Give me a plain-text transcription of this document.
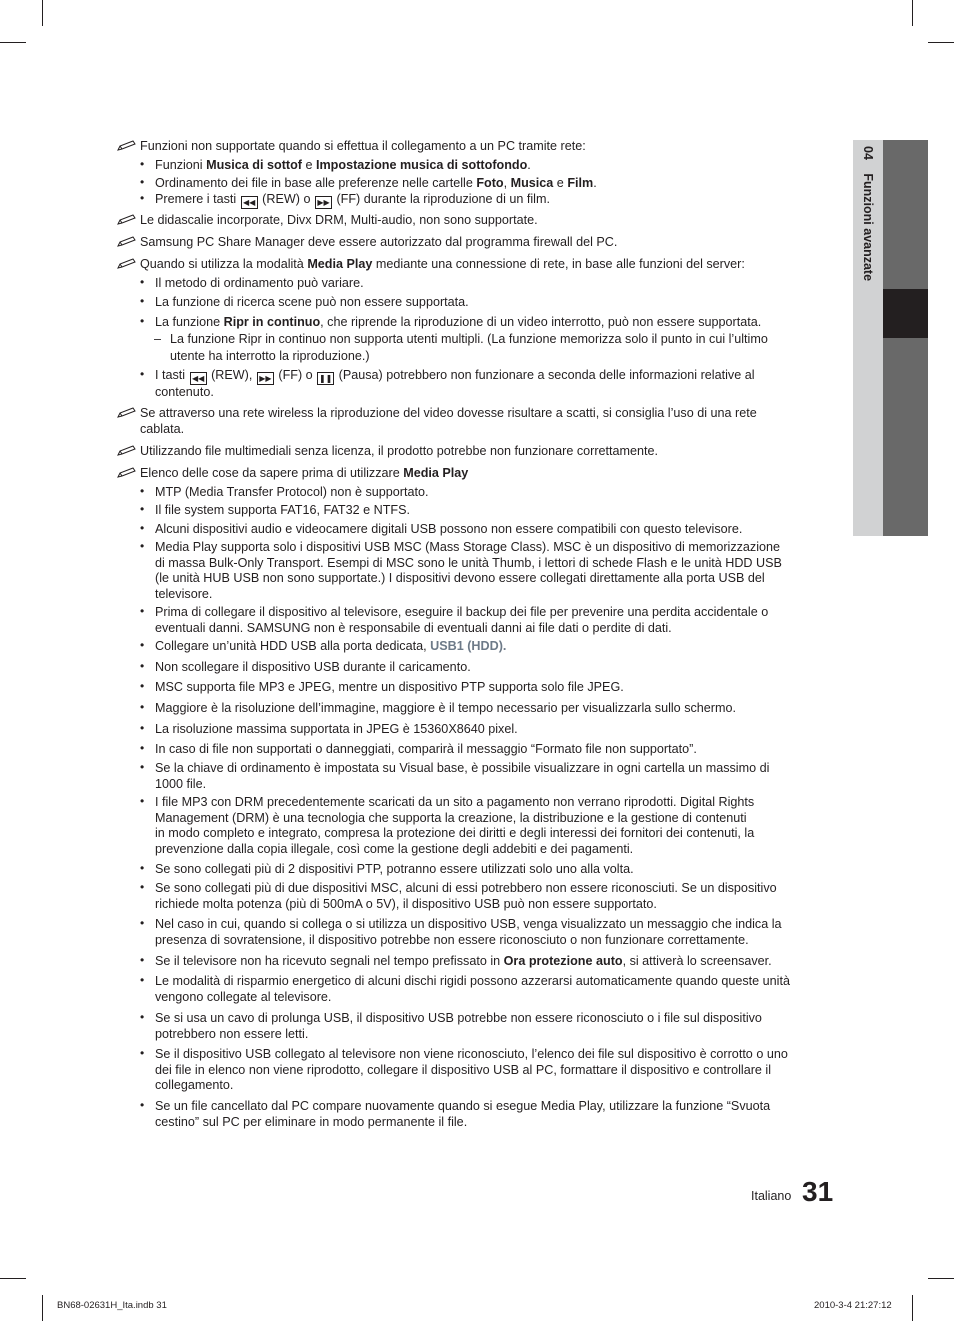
04 Funzioni avanzate
Funzioni non supportate quando si effettua il collegamento a un PC tramite rete:
Le didascalie incorporate, Divx DRM, Multi-audio, non sono supportate.
Samsung PC Share Manager deve essere autorizzato dal programma firewall del PC.
Quando si utilizza la modalità Media Play mediante una connessione di rete, in base alle funzioni del server:
Se attraverso una rete wireless la riproduzione del video dovesse risultare a scatti, si consiglia l’uso di una rete
cablata.
Utilizzando file multimediali senza licenza, il prodotto potrebbe non funzionare correttamente.
Elenco delle cose da sapere prima di utilizzare Media Play
• Funzioni Musica di sottof e Impostazione musica di sottofondo.
• Ordinamento dei file in base alle preferenze nelle cartelle Foto, Musica e Film.
• Premere i tasti ◀◀ (REW) o ▶▶ (FF) durante la riproduzione di un film.
• Il metodo di ordinamento può variare.
• La funzione di ricerca scene può non essere supportata.
• La funzione Ripr in continuo, che riprende la riproduzione di un video interrotto, può non essere supportata.
– La funzione Ripr in continuo non supporta utenti multipli. (La funzione memorizza solo il punto in cui l’ultimo
utente ha interrotto la riproduzione.)
• I tasti ◀◀ (REW), ▶▶ (FF) o ❚❚ (Pausa) potrebbero non funzionare a seconda delle informazioni relative al
contenuto.
• MTP (Media Transfer Protocol) non è supportato.
• Il file system supporta FAT16, FAT32 e NTFS.
• Alcuni dispositivi audio e videocamere digitali USB possono non essere compatibili con questo televisore.
• Media Play supporta solo i dispositivi USB MSC (Mass Storage Class). MSC è un dispositivo di memorizzazione
di massa Bulk-Only Transport. Esempi di MSC sono le unità Thumb, i lettori di schede Flash e le unità HDD USB
(le unità HUB USB non sono supportate.) I dispositivi devono essere collegati direttamente alla porta USB del
televisore.
• Prima di collegare il dispositivo al televisore, eseguire il backup dei file per prevenire una perdita accidentale o
eventuali danni. SAMSUNG non è responsabile di eventuali danni ai file dati o perdite di dati.
• Collegare un’unità HDD USB alla porta dedicata, USB1 (HDD).
• Non scollegare il dispositivo USB durante il caricamento.
• MSC supporta file MP3 e JPEG, mentre un dispositivo PTP supporta solo file JPEG.
• Maggiore è la risoluzione dell’immagine, maggiore è il tempo necessario per visualizzarla sullo schermo.
• La risoluzione massima supportata in JPEG è 15360X8640 pixel.
• In caso di file non supportati o danneggiati, comparirà il messaggio “Formato file non supportato”.
• Se la chiave di ordinamento è impostata su Visual base, è possibile visualizzare in ogni cartella un massimo di
1000 file.
• I file MP3 con DRM precedentemente scaricati da un sito a pagamento non verrano riprodotti. Digital Rights
Management (DRM) è una tecnologia che supporta la creazione, la distribuzione e la gestione di contenuti
in modo completo e integrato, compresa la protezione dei diritti e degli interessi dei fornitori dei contenuti, la
prevenzione dalla copia illegale, così come la gestione degli addebiti e dei pagamenti.
• Se sono collegati più di 2 dispositivi PTP, potranno essere utilizzati solo uno alla volta.
• Se sono collegati più di due dispositivi MSC, alcuni di essi potrebbero non essere riconosciuti. Se un dispositivo
richiede molta potenza (più di 500mA o 5V), il dispositivo USB può non essere supportato.
• Nel caso in cui, quando si collega o si utilizza un dispositivo USB, venga visualizzato un messaggio che indica la
presenza di sovratensione, il dispositivo potrebbe non essere riconosciuto o non funzionare correttamente.
• Se il televisore non ha ricevuto segnali nel tempo prefissato in Ora protezione auto, si attiverà lo screensaver.
• Le modalità di risparmio energetico di alcuni dischi rigidi possono azzerarsi automaticamente quando queste unità
vengono collegate al televisore.
• Se si usa un cavo di prolunga USB, il dispositivo USB potrebbe non essere riconosciuto o i file sul dispositivo
potrebbero non essere letti.
• Se il dispositivo USB collegato al televisore non viene riconosciuto, l’elenco dei file sul dispositivo è corrotto o uno
dei file in elenco non viene riprodotto, collegare il dispositivo USB al PC, formattare il dispositivo e controllare il
collegamento.
• Se un file cancellato dal PC compare nuovamente quando si esegue Media Play, utilizzare la funzione “Svuota
cestino” sul PC per eliminare in modo permanente il file.
Italiano 31
BN68-02631H_Ita.indb 31	2010-3-4 21:27:12
